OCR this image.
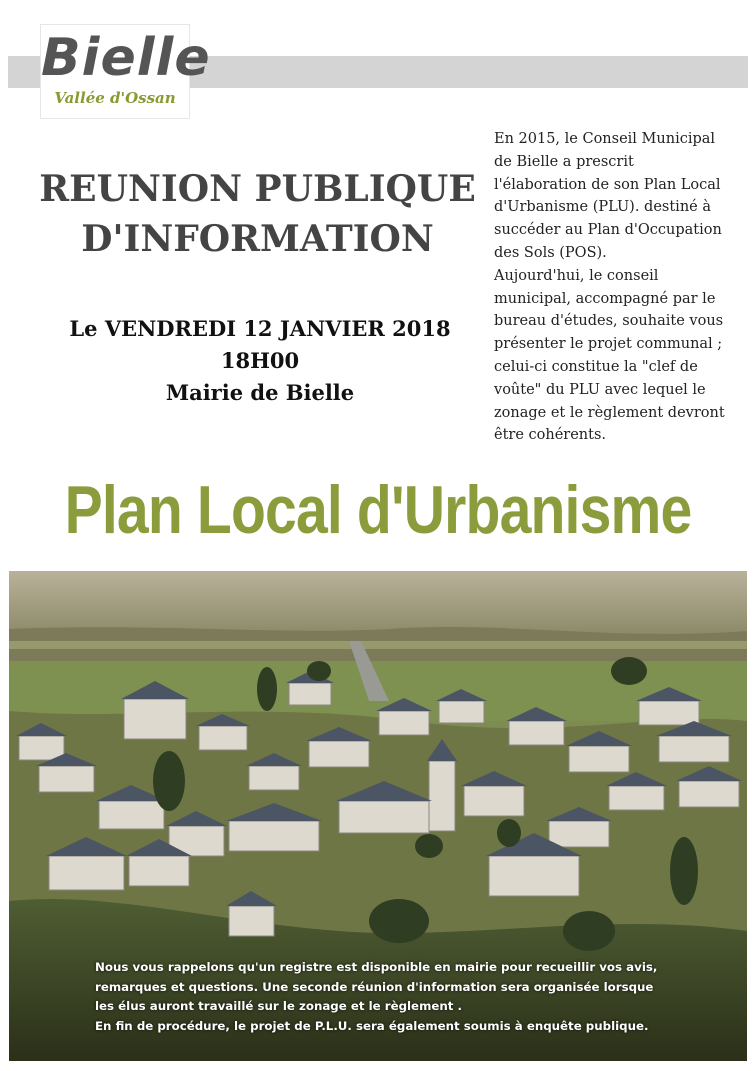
Bielle
Vallée d'Ossan
REUNION PUBLIQUE
D'INFORMATION
Le VENDREDI 12 JANVIER 2018
18H00
Mairie de Bielle
En 2015, le Conseil Municipal
de Bielle a prescrit
l'élaboration de son Plan Local
d'Urbanisme (PLU). destiné à
succéder au Plan d'Occupation
des Sols (POS).
Aujourd'hui, le conseil
municipal, accompagné par le
bureau d'études, souhaite vous
présenter le projet communal ;
celui-ci constitue la "clef de
voûte" du PLU avec lequel le
zonage et le règlement devront
être cohérents.
Plan Local d'Urbanisme

Nous vous rappelons qu'un registre est disponible en mairie pour recueillir vos avis,

remarques et questions. Une seconde réunion d'information sera organisée lorsque

les élus auront travaillé sur le zonage et le règlement .

En fin de procédure, le projet de P.L.U. sera également soumis à enquête publique.
